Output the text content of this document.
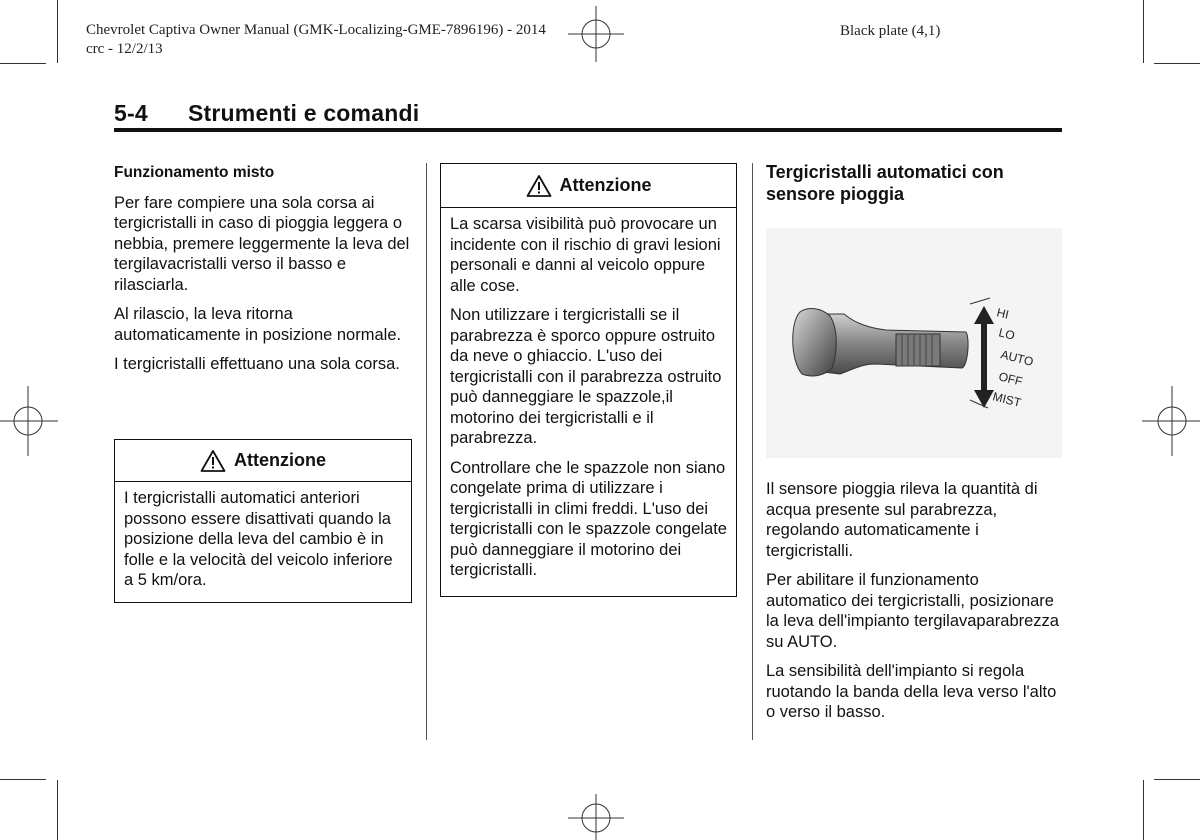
Chevrolet Captiva Owner Manual (GMK-Localizing-GME-7896196) - 2014
crc - 12/2/13
Black plate (4,1)
5-4 Strumenti e comandi
Funzionamento misto

Per fare compiere una sola corsa ai tergicristalli in caso di pioggia leggera o nebbia, premere leggermente la leva del tergilavacristalli verso il basso e rilasciarla.

Al rilascio, la leva ritorna automaticamente in posizione normale.

I tergicristalli effettuano una sola corsa.

Attenzione

I tergicristalli automatici anteriori possono essere disattivati quando la posizione della leva del cambio è in folle e la velocità del veicolo inferiore a 5 km/ora.

Attenzione

La scarsa visibilità può provocare un incidente con il rischio di gravi lesioni personali e danni al veicolo oppure alle cose.

Non utilizzare i tergicristalli se il parabrezza è sporco oppure ostruito da neve o ghiaccio. L'uso dei tergicristalli con il parabrezza ostruito può danneggiare le spazzole,il motorino dei tergicristalli e il parabrezza.

Controllare che le spazzole non siano congelate prima di utilizzare i tergicristalli in climi freddi. L'uso dei tergicristalli con le spazzole congelate può danneggiare il motorino dei tergicristalli.

Tergicristalli automatici con sensore pioggia
HI
LO
AUTO
OFF
MIST

Il sensore pioggia rileva la quantità di acqua presente sul parabrezza, regolando automaticamente i tergicristalli.

Per abilitare il funzionamento automatico dei tergicristalli, posizionare la leva dell'impianto tergilavaparabrezza su AUTO.

La sensibilità dell'impianto si regola ruotando la banda della leva verso l'alto o verso il basso.
